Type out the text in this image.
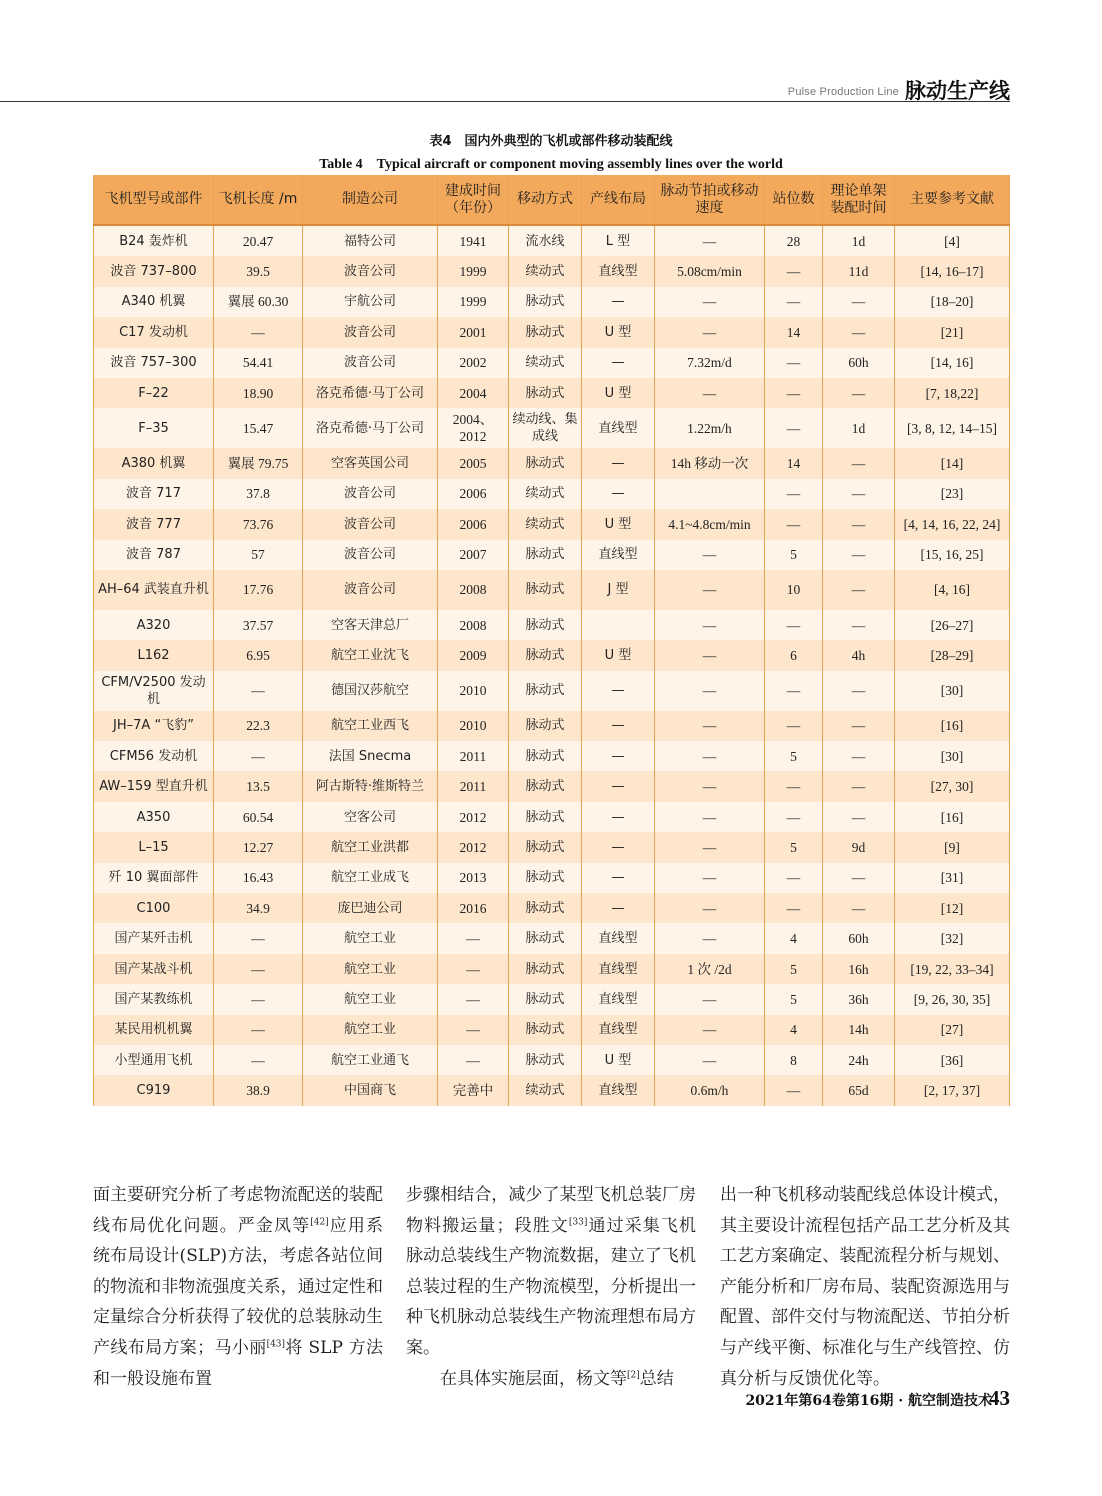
Pulse Production Line 脉动生产线
表4　国内外典型的飞机或部件移动装配线
Table 4　Typical aircraft or component moving assembly lines over the world
飞机型号或部件	飞机长度 /m	制造公司	建成时间（年份）	移动方式	产线布局	脉动节拍或移动速度	站位数	理论单架装配时间	主要参考文献
B24 轰炸机	20.47	福特公司	1941	流水线	L 型	—	28	1d	[4]
波音 737–800	39.5	波音公司	1999	续动式	直线型	5.08cm/min	—	11d	[14, 16–17]
A340 机翼	翼展 60.30	宇航公司	1999	脉动式	—	—	—	—	[18–20]
C17 发动机	—	波音公司	2001	脉动式	U 型	—	14	—	[21]
波音 757–300	54.41	波音公司	2002	续动式	—	7.32m/d	—	60h	[14, 16]
F–22	18.90	洛克希德·马丁公司	2004	脉动式	U 型	—	—	—	[7, 18,22]
F–35	15.47	洛克希德·马丁公司	2004、2012	续动线、集成线	直线型	1.22m/h	—	1d	[3, 8, 12, 14–15]
A380 机翼	翼展 79.75	空客英国公司	2005	脉动式	—	14h 移动一次	14	—	[14]
波音 717	37.8	波音公司	2006	续动式	—		—	—	[23]
波音 777	73.76	波音公司	2006	续动式	U 型	4.1~4.8cm/min	—	—	[4, 14, 16, 22, 24]
波音 787	57	波音公司	2007	脉动式	直线型	—	5	—	[15, 16, 25]
AH–64 武装直升机	17.76	波音公司	2008	脉动式	J 型	—	10	—	[4, 16]
A320	37.57	空客天津总厂	2008	脉动式		—	—	—	[26–27]
L162	6.95	航空工业沈飞	2009	脉动式	U 型	—	6	4h	[28–29]
CFM/V2500 发动机	—	德国汉莎航空	2010	脉动式	—	—	—	—	[30]
JH–7A “飞豹”	22.3	航空工业西飞	2010	脉动式	—	—	—	—	[16]
CFM56 发动机	—	法国 Snecma	2011	脉动式	—	—	5	—	[30]
AW–159 型直升机	13.5	阿古斯特·维斯特兰	2011	脉动式	—	—	—	—	[27, 30]
A350	60.54	空客公司	2012	脉动式	—	—	—	—	[16]
L–15	12.27	航空工业洪都	2012	脉动式	—	—	5	9d	[9]
歼 10 翼面部件	16.43	航空工业成飞	2013	脉动式	—	—	—	—	[31]
C100	34.9	庞巴迪公司	2016	脉动式	—	—	—	—	[12]
国产某歼击机	—	航空工业	—	脉动式	直线型	—	4	60h	[32]
国产某战斗机	—	航空工业	—	脉动式	直线型	1 次 /2d	5	16h	[19, 22, 33–34]
国产某教练机	—	航空工业	—	脉动式	直线型	—	5	36h	[9, 26, 30, 35]
某民用机机翼	—	航空工业	—	脉动式	直线型	—	4	14h	[27]
小型通用飞机	—	航空工业通飞	—	脉动式	U 型	—	8	24h	[36]
C919	38.9	中国商飞	完善中	续动式	直线型	0.6m/h	—	65d	[2, 17, 37]

面主要研究分析了考虑物流配送的装配线布局优化问题。严金凤等[42]应用系统布局设计(SLP)方法，考虑各站位间的物流和非物流强度关系，通过定性和定量综合分析获得了较优的总装脉动生产线布局方案；马小丽[43]将 SLP 方法和一般设施布置

步骤相结合，减少了某型飞机总装厂房物料搬运量；段胜文[33]通过采集飞机脉动总装线生产物流数据，建立了飞机总装过程的生产物流模型，分析提出一种飞机脉动总装线生产物流理想布局方案。

在具体实施层面，杨文等[2]总结

出一种飞机移动装配线总体设计模式，其主要设计流程包括产品工艺分析及其工艺方案确定、装配流程分析与规划、产能分析和厂房布局、装配资源选用与配置、部件交付与物流配送、节拍分析与产线平衡、标准化与生产线管控、仿真分析与反馈优化等。

2021年第64卷第16期 · 航空制造技术
43
